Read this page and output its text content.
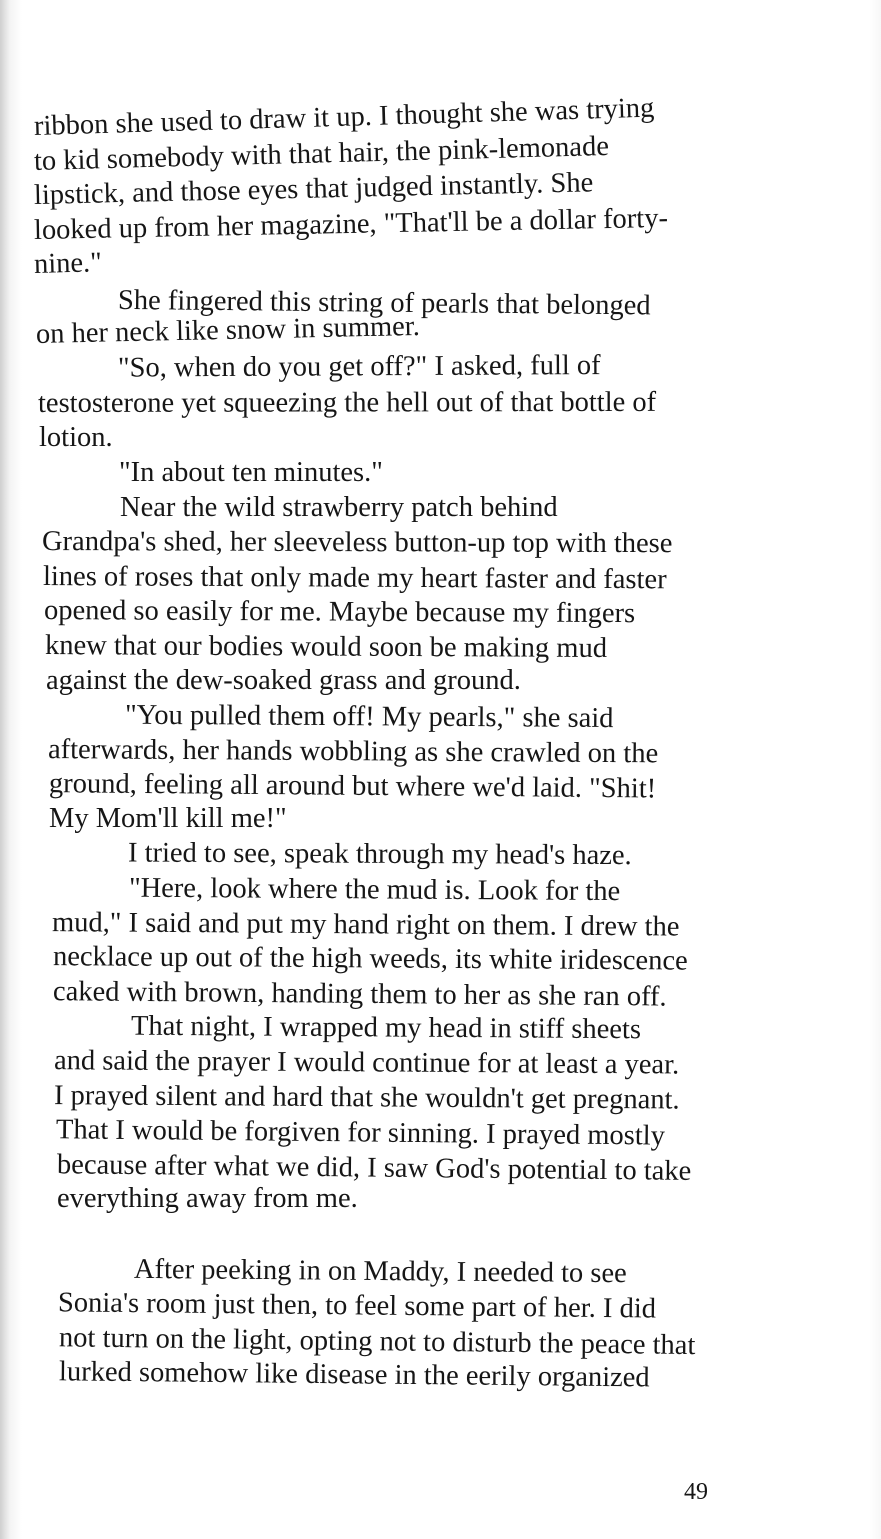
ribbon she used to draw it up. I thought she was trying
to kid somebody with that hair, the pink-lemonade
lipstick, and those eyes that judged instantly. She
looked up from her magazine, "That'll be a dollar forty-
nine."
She fingered this string of pearls that belonged
on her neck like snow in summer.
"So, when do you get off?" I asked, full of
testosterone yet squeezing the hell out of that bottle of
lotion.
"In about ten minutes."
Near the wild strawberry patch behind
Grandpa's shed, her sleeveless button-up top with these
lines of roses that only made my heart faster and faster
opened so easily for me. Maybe because my fingers
knew that our bodies would soon be making mud
against the dew-soaked grass and ground.
"You pulled them off! My pearls," she said
afterwards, her hands wobbling as she crawled on the
ground, feeling all around but where we'd laid. "Shit!
My Mom'll kill me!"
I tried to see, speak through my head's haze.
"Here, look where the mud is. Look for the
mud," I said and put my hand right on them. I drew the
necklace up out of the high weeds, its white iridescence
caked with brown, handing them to her as she ran off.
That night, I wrapped my head in stiff sheets
and said the prayer I would continue for at least a year.
I prayed silent and hard that she wouldn't get pregnant.
That I would be forgiven for sinning. I prayed mostly
because after what we did, I saw God's potential to take
everything away from me.
After peeking in on Maddy, I needed to see
Sonia's room just then, to feel some part of her. I did
not turn on the light, opting not to disturb the peace that
lurked somehow like disease in the eerily organized
49
